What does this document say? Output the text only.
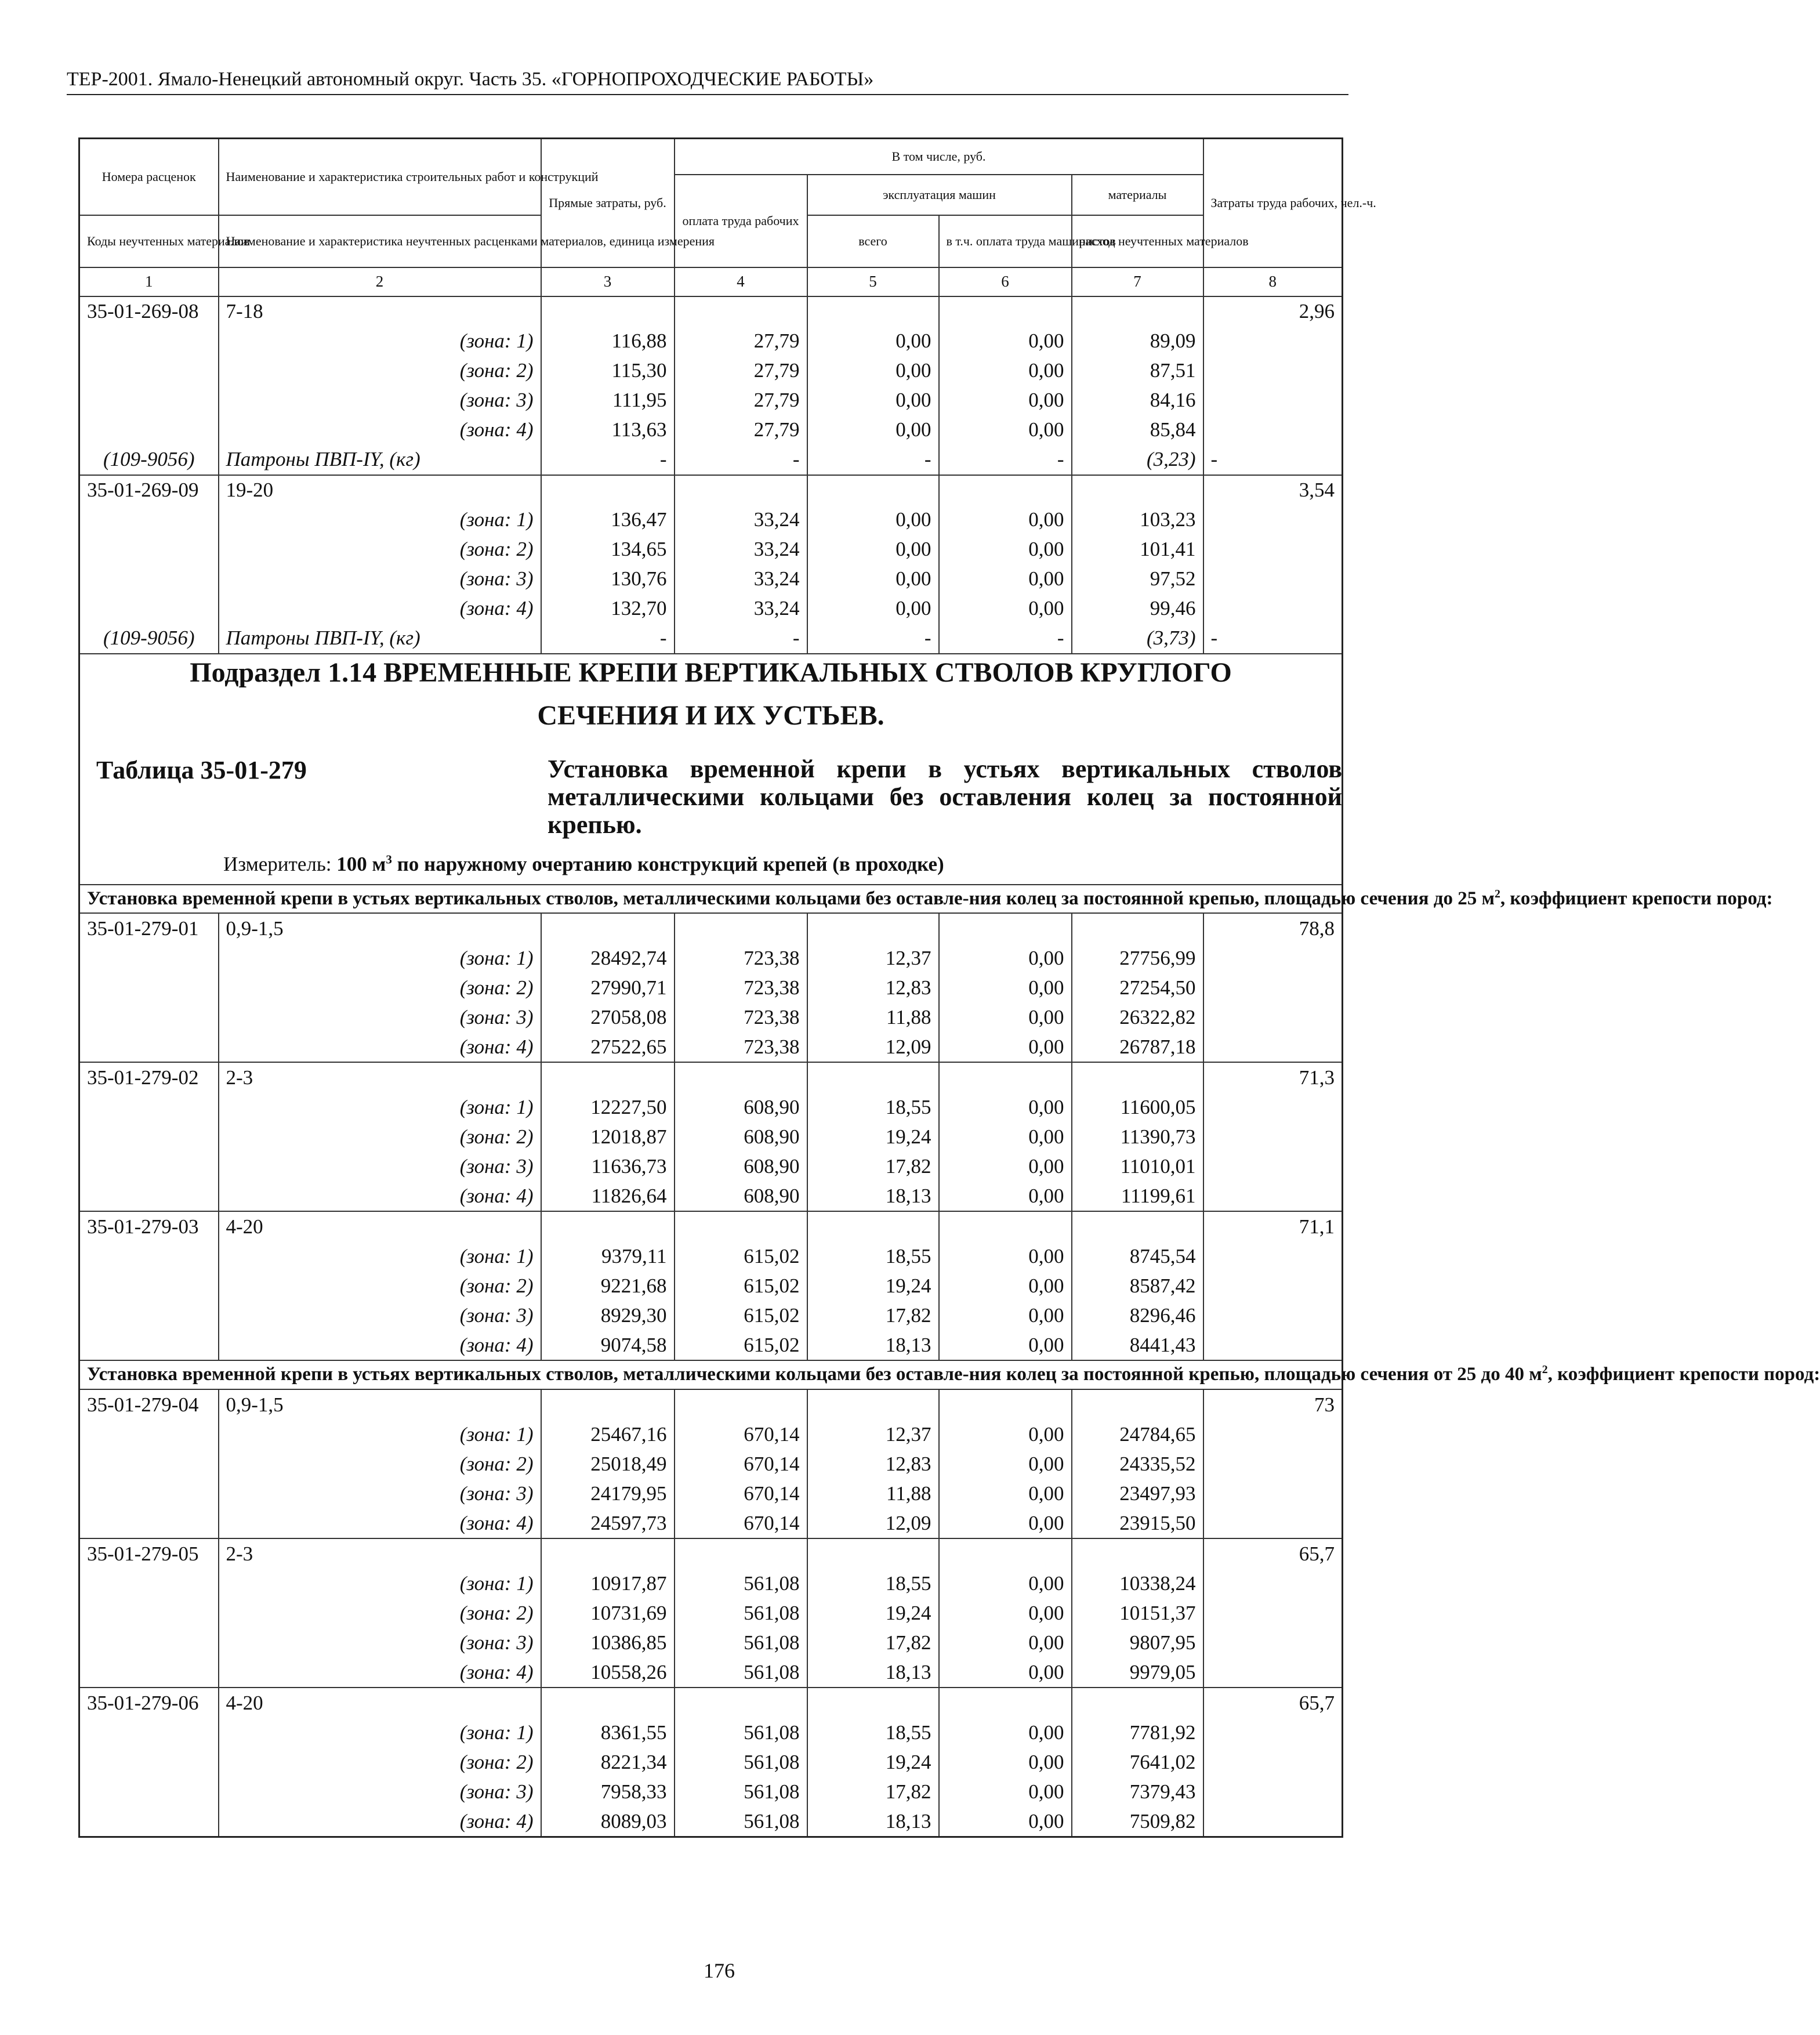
ТЕР-2001. Ямало-Ненецкий автономный округ. Часть 35. «ГОРНОПРОХОДЧЕСКИЕ РАБОТЫ»
Номера расценок	Наименование и характеристика строительных работ и конструкций	Прямые затраты, руб.	В том числе, руб.				Затраты труда рабочих, чел.-ч.
			оплата труда рабочих	эксплуатация машин		материалы	
Коды неучтенных материалов	Наименование и характеристика неучтенных расценками материалов, единица измерения			всего	в т.ч. оплата труда машинистов	расход неучтенных материалов	
1	2	3	4	5	6	7	8
35-01-269-08	7-18						2,96
	(зона: 1)	116,88	27,79	0,00	0,00	89,09	
	(зона: 2)	115,30	27,79	0,00	0,00	87,51	
	(зона: 3)	111,95	27,79	0,00	0,00	84,16	
	(зона: 4)	113,63	27,79	0,00	0,00	85,84	
(109-9056)	Патроны ПВП-IY, (кг)	-	-	-	-	(3,23)	-
35-01-269-09	19-20						3,54
	(зона: 1)	136,47	33,24	0,00	0,00	103,23	
	(зона: 2)	134,65	33,24	0,00	0,00	101,41	
	(зона: 3)	130,76	33,24	0,00	0,00	97,52	
	(зона: 4)	132,70	33,24	0,00	0,00	99,46	
(109-9056)	Патроны ПВП-IY, (кг)	-	-	-	-	(3,73)	-

Подраздел 1.14 ВРЕМЕННЫЕ КРЕПИ ВЕРТИКАЛЬНЫХ СТВОЛОВ КРУГЛОГО
СЕЧЕНИЯ И ИХ УСТЬЕВ.
Таблица 35-01-279 Установка временной крепи в устьях вертикальных стволов металлическими кольцами без оставления колец за постоянной крепью.
Измеритель: 100 $м^3$ по наружному очертанию конструкций крепей (в проходке)							

Установка временной крепи в устьях вертикальных стволов, металлическими кольцами без оставле-ния колец за постоянной крепью, площадью сечения до 25 $м^2$, коэффициент крепости пород:							
35-01-279-01	0,9-1,5						78,8
	(зона: 1)	28492,74	723,38	12,37	0,00	27756,99	
	(зона: 2)	27990,71	723,38	12,83	0,00	27254,50	
	(зона: 3)	27058,08	723,38	11,88	0,00	26322,82	
	(зона: 4)	27522,65	723,38	12,09	0,00	26787,18	
35-01-279-02	2-3						71,3
	(зона: 1)	12227,50	608,90	18,55	0,00	11600,05	
	(зона: 2)	12018,87	608,90	19,24	0,00	11390,73	
	(зона: 3)	11636,73	608,90	17,82	0,00	11010,01	
	(зона: 4)	11826,64	608,90	18,13	0,00	11199,61	
35-01-279-03	4-20						71,1
	(зона: 1)	9379,11	615,02	18,55	0,00	8745,54	
	(зона: 2)	9221,68	615,02	19,24	0,00	8587,42	
	(зона: 3)	8929,30	615,02	17,82	0,00	8296,46	
	(зона: 4)	9074,58	615,02	18,13	0,00	8441,43	
Установка временной крепи в устьях вертикальных стволов, металлическими кольцами без оставле-ния колец за постоянной крепью, площадью сечения от 25 до 40 $м^2$, коэффициент крепости пород:							
35-01-279-04	0,9-1,5						73
	(зона: 1)	25467,16	670,14	12,37	0,00	24784,65	
	(зона: 2)	25018,49	670,14	12,83	0,00	24335,52	
	(зона: 3)	24179,95	670,14	11,88	0,00	23497,93	
	(зона: 4)	24597,73	670,14	12,09	0,00	23915,50	
35-01-279-05	2-3						65,7
	(зона: 1)	10917,87	561,08	18,55	0,00	10338,24	
	(зона: 2)	10731,69	561,08	19,24	0,00	10151,37	
	(зона: 3)	10386,85	561,08	17,82	0,00	9807,95	
	(зона: 4)	10558,26	561,08	18,13	0,00	9979,05	
35-01-279-06	4-20						65,7
	(зона: 1)	8361,55	561,08	18,55	0,00	7781,92	
	(зона: 2)	8221,34	561,08	19,24	0,00	7641,02	
	(зона: 3)	7958,33	561,08	17,82	0,00	7379,43	
	(зона: 4)	8089,03	561,08	18,13	0,00	7509,82	
176
